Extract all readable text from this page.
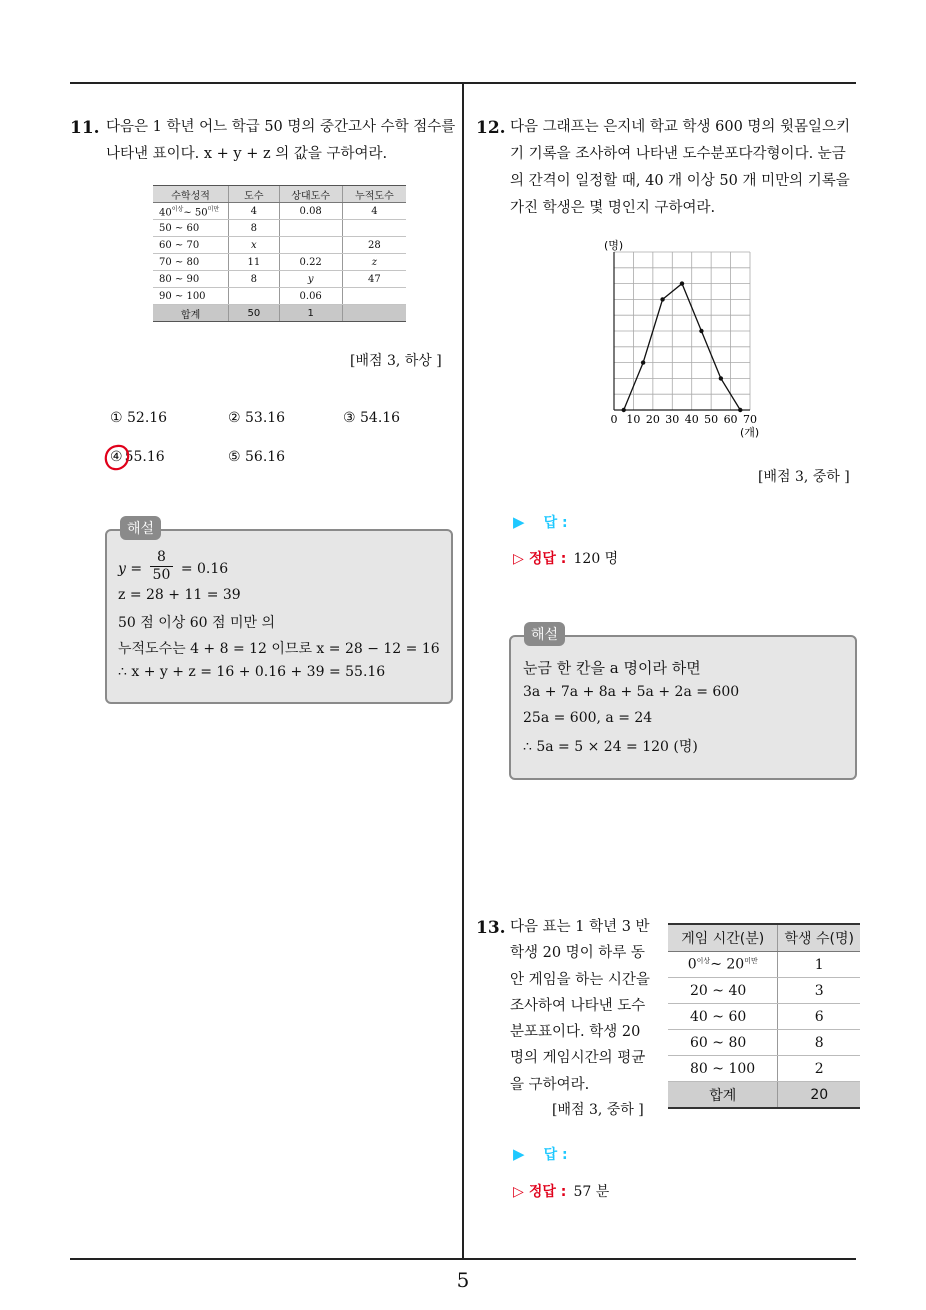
5
11. 다음은 1 학년 어느 학급 50 명의 중간고사 수학 점수를
나타낸 표이다. x + y + z 의 값을 구하여라.
수학성적	도수	상대도수	누적도수
$40^{이상}\sim$ $50^{미만}$	4	0.08	4
50 ~ 60	8		
60 ~ 70	x		28
70 ~ 80	11	0.22	z
80 ~ 90	8	y	47
90 ~ 100		0.06	
합계	50	1	
[배점 3, 하상 ]
① 52.16	② 53.16	③ 54.16
④ 55.16	⑤ 56.16
해설
$y = \frac{8}{50} = 0.16$
z = 28 + 11 = 39
50 점 이상 60 점 미만 의
누적도수는 4 + 8 = 12 이므로 x = 28 − 12 = 16
∴ x + y + z = 16 + 0.16 + 39 = 55.16
12. 다음 그래프는 은지네 학교 학생 600 명의 윗몸일으키
기 기록을 조사하여 나타낸 도수분포다각형이다. 눈금
의 간격이 일정할 때, 40 개 이상 50 개 미만의 기록을
가진 학생은 몇 명인지 구하여라.
0 10 20 30 40 50 60 70
(명)
(개)
[배점 3, 중하 ]
▶ 답 :
▷ 정답 : 120 명
해설
눈금 한 칸을 a 명이라 하면
3a + 7a + 8a + 5a + 2a = 600
25a = 600, a = 24
∴ 5a = 5 × 24 = 120 (명)
13. 다음 표는 1 학년 3 반
학생 20 명이 하루 동
안 게임을 하는 시간을
조사하여 나타낸 도수
분포표이다. 학생 20
명의 게임시간의 평균
을 구하여라.
[배점 3, 중하 ]
게임 시간(분)	학생 수(명)
$0^{이상}\sim$ $20^{미만}$	1
20 ~ 40	3
40 ~ 60	6
60 ~ 80	8
80 ~ 100	2
합계	20
▶ 답 :
▷ 정답 : 57 분
